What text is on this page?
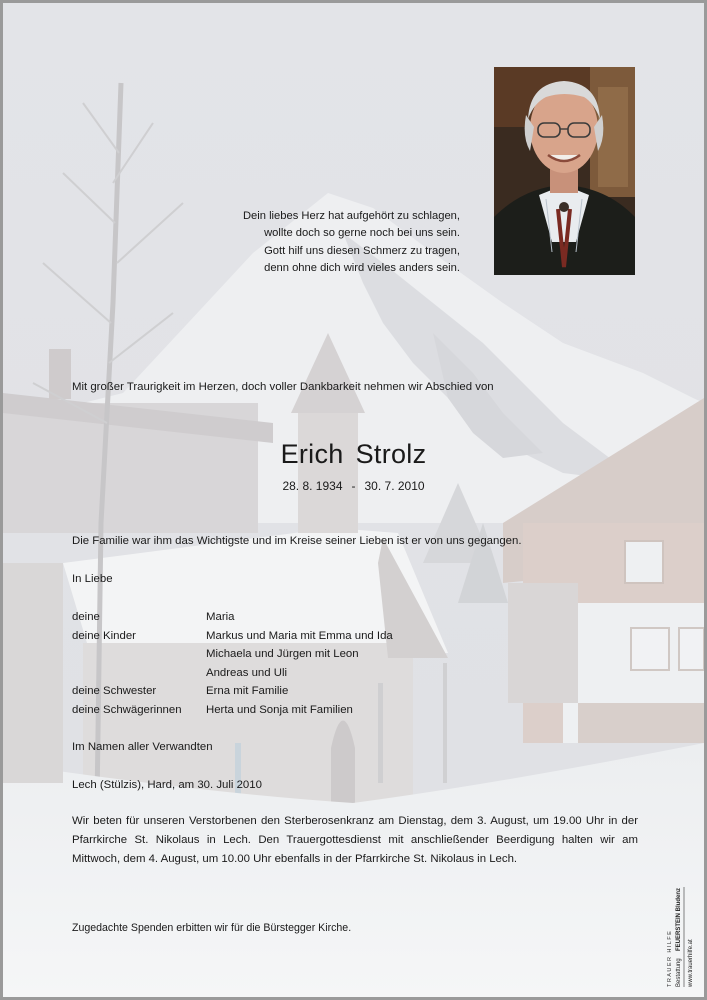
Dein liebes Herz hat aufgehört zu schlagen,
wollte doch so gerne noch bei uns sein.
Gott hilf uns diesen Schmerz zu tragen,
denn ohne dich wird vieles anders sein.
Mit großer Traurigkeit im Herzen, doch voller Dankbarkeit nehmen wir Abschied von
Erich Strolz
28. 8. 1934 - 30. 7. 2010
Die Familie war ihm das Wichtigste und im Kreise seiner Lieben ist er von uns gegangen.
In Liebe
deine	Maria
deine Kinder	Markus und Maria mit Emma und Ida
Michaela und Jürgen mit Leon
Andreas und Uli
deine Schwester	Erna mit Familie
deine Schwägerinnen	Herta und Sonja mit Familien
Im Namen aller Verwandten
Lech (Stülzis), Hard, am 30. Juli 2010
Wir beten für unseren Verstorbenen den Sterberosenkranz am Dienstag, dem 3. August, um 19.00 Uhr in der Pfarrkirche St. Nikolaus in Lech. Den Trauergottesdienst mit anschließender Beerdigung halten wir am Mittwoch, dem 4. August, um 10.00 Uhr ebenfalls in der Pfarrkirche St. Nikolaus in Lech.
Zugedachte Spenden erbitten wir für die Bürstegger Kirche.
TRAUER HILFE Bestattung
FEUERSTEIN Bludenz
www.trauerhilfe.at
